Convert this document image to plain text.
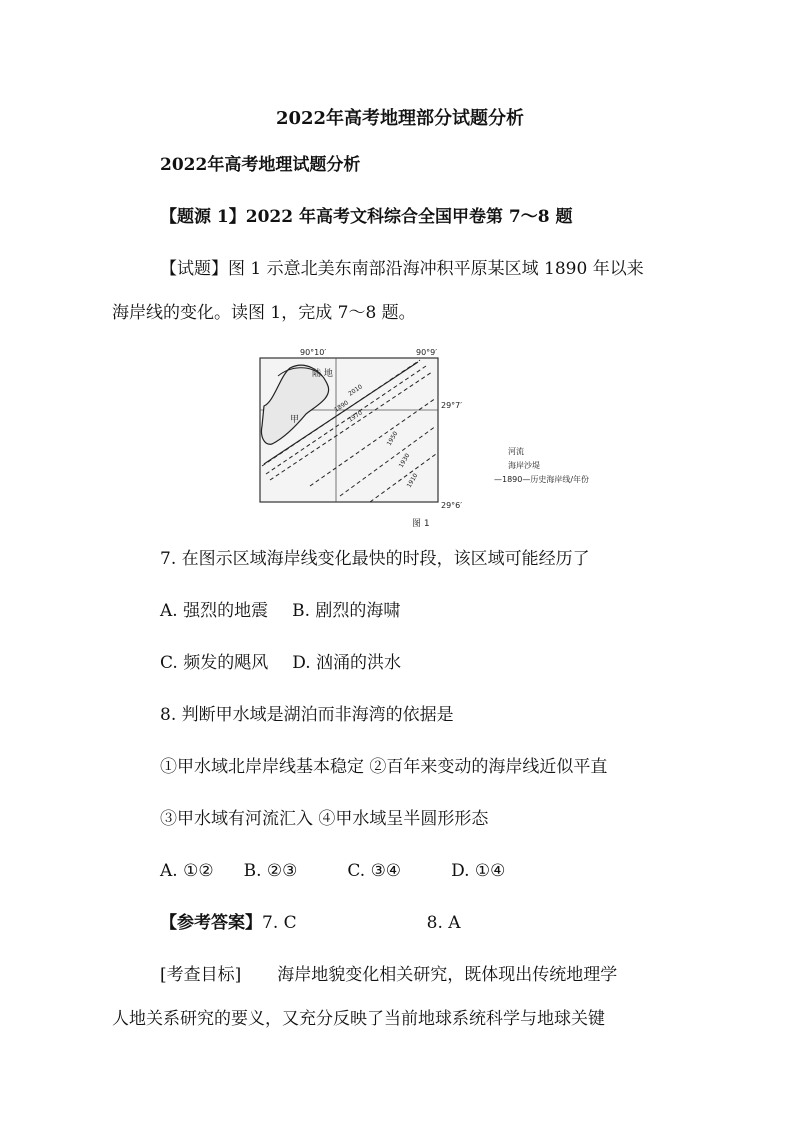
2022年高考地理部分试题分析
2022年高考地理试题分析
【题源 1】2022 年高考文科综合全国甲卷第 7～8 题
【试题】图 1 示意北美东南部沿海冲积平原某区域 1890 年以来
海岸线的变化。读图 1，完成 7～8 题。
90°10′	90°9′
29°7′
29°6′
陆 地
甲
2010
1890
1970
1950
1930
1910
河流
海岸沙堤
—1890—历史海岸线/年份
图 1
7. 在图示区域海岸线变化最快的时段，该区域可能经历了
A. 强烈的地震 B. 剧烈的海啸
C. 频发的飓风 D. 汹涌的洪水
8. 判断甲水域是湖泊而非海湾的依据是
①甲水域北岸岸线基本稳定 ②百年来变动的海岸线近似平直
③甲水域有河流汇入 ④甲水域呈半圆形形态
A. ①② B. ②③	C. ③④	D. ①④
【参考答案】7. C	8. A
[考查目标] 海岸地貌变化相关研究，既体现出传统地理学
人地关系研究的要义，又充分反映了当前地球系统科学与地球关键
